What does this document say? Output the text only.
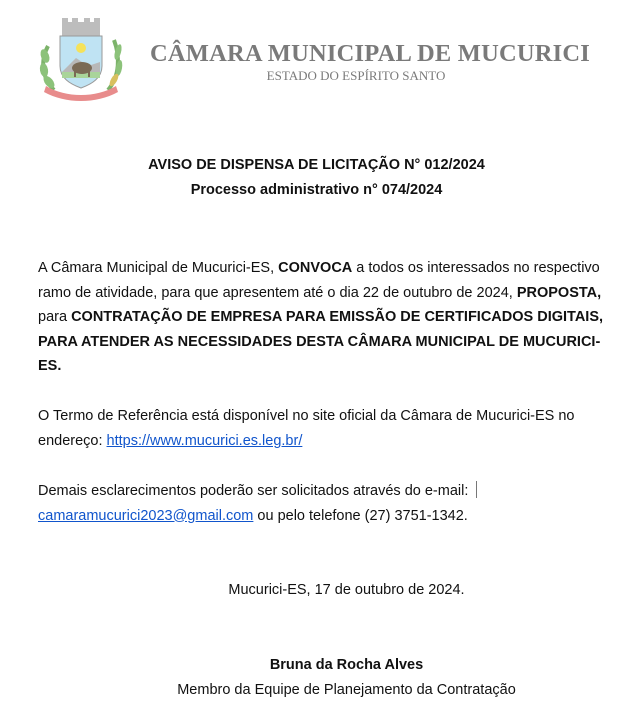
CÂMARA MUNICIPAL DE MUCURICI
ESTADO DO ESPÍRITO SANTO
AVISO DE DISPENSA DE LICITAÇÃO N° 012/2024
Processo administrativo n° 074/2024
A Câmara Municipal de Mucurici-ES, CONVOCA a todos os interessados no respectivo ramo de atividade, para que apresentem até o dia 22 de outubro de 2024, PROPOSTA, para CONTRATAÇÃO DE EMPRESA PARA EMISSÃO DE CERTIFICADOS DIGITAIS, PARA ATENDER AS NECESSIDADES DESTA CÂMARA MUNICIPAL DE MUCURICI-ES.
O Termo de Referência está disponível no site oficial da Câmara de Mucurici-ES no endereço: https://www.mucurici.es.leg.br/
Demais esclarecimentos poderão ser solicitados através do e-mail:
camaramucurici2023@gmail.com ou pelo telefone (27) 3751-1342.
Mucurici-ES, 17 de outubro de 2024.
Bruna da Rocha Alves
Membro da Equipe de Planejamento da Contratação
